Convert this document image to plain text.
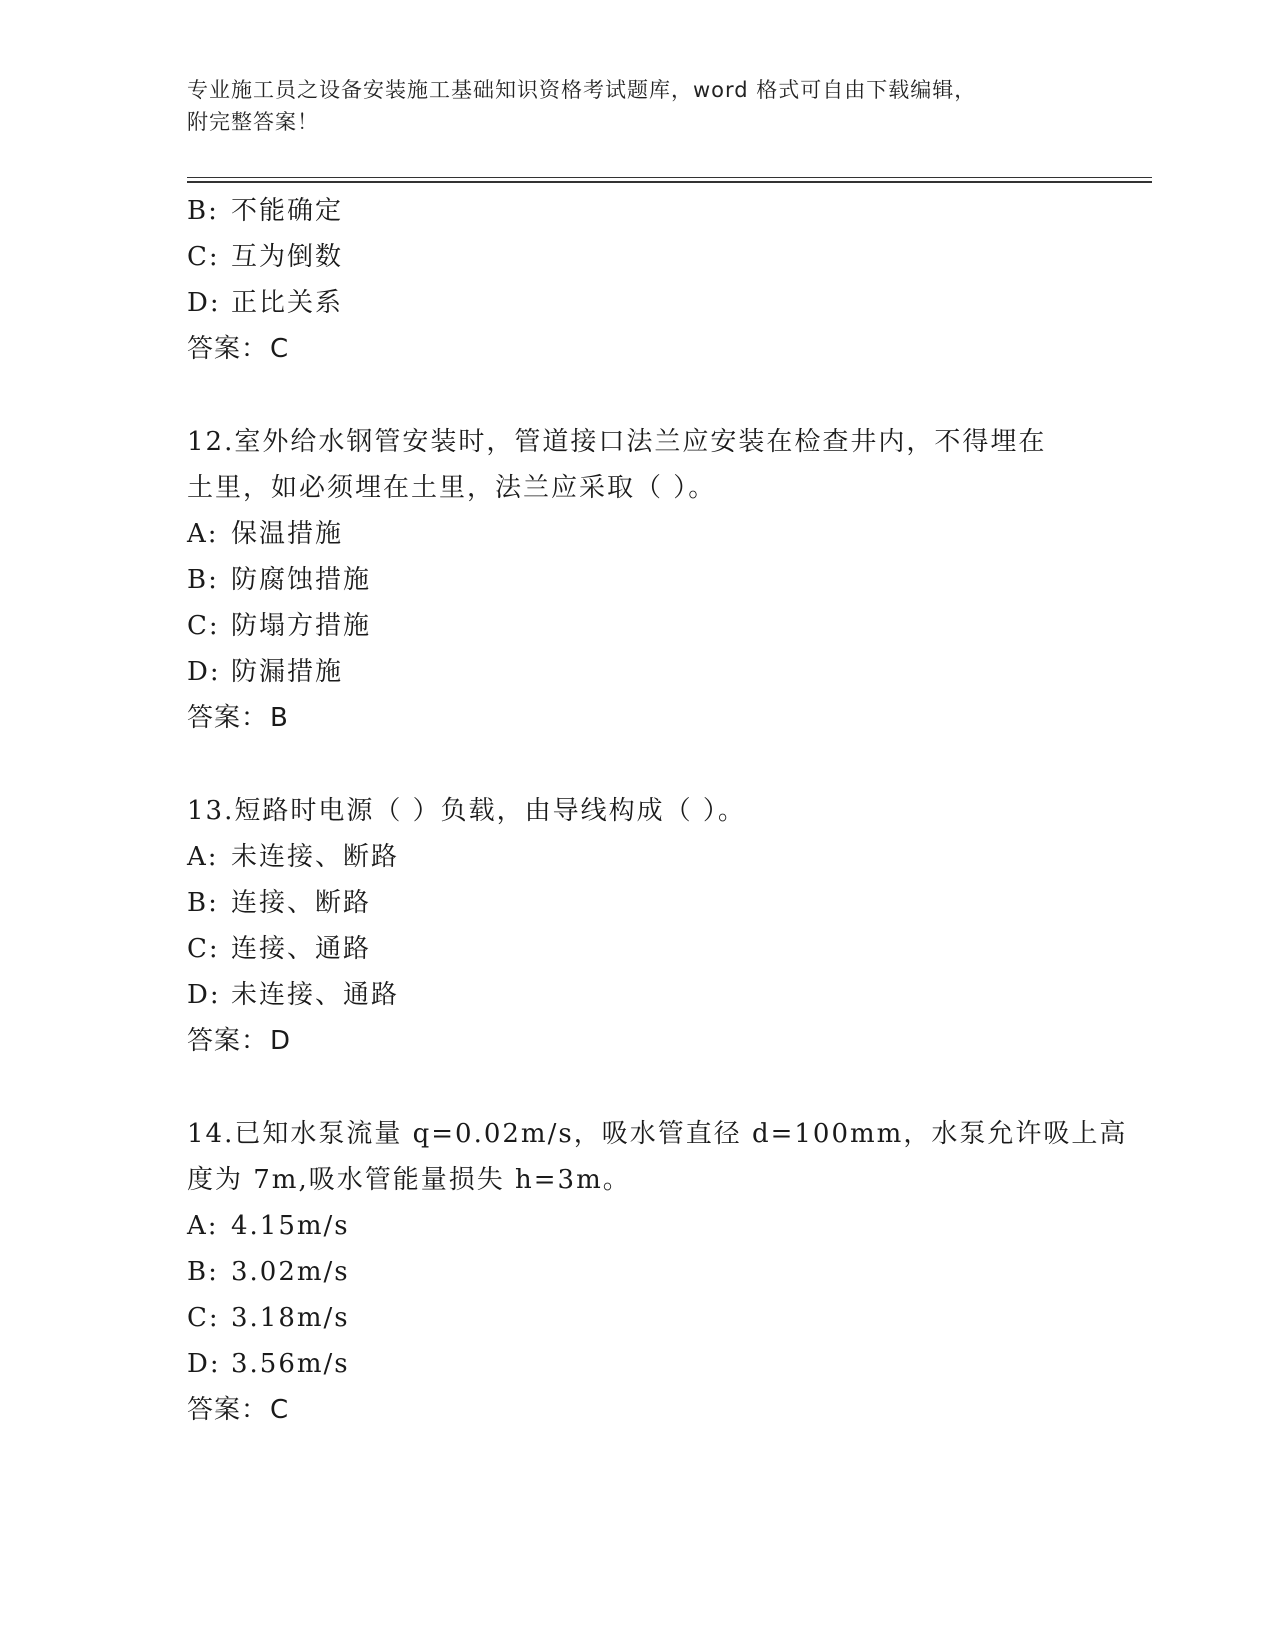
专业施工员之设备安装施工基础知识资格考试题库，word 格式可自由下载编辑，
附完整答案！
B: 不能确定
C: 互为倒数
D: 正比关系
答案：C
12.室外给水钢管安装时，管道接口法兰应安装在检查井内，不得埋在
土里，如必须埋在土里，法兰应采取（ ）。
A: 保温措施
B: 防腐蚀措施
C: 防塌方措施
D: 防漏措施
答案：B
13.短路时电源（ ）负载，由导线构成（ ）。
A: 未连接、断路
B: 连接、断路
C: 连接、通路
D: 未连接、通路
答案：D
14.已知水泵流量 q=0.02m/s，吸水管直径 d=100mm，水泵允许吸上高
度为 7m,吸水管能量损失 h=3m。
A: 4.15m/s
B: 3.02m/s
C: 3.18m/s
D: 3.56m/s
答案：C
